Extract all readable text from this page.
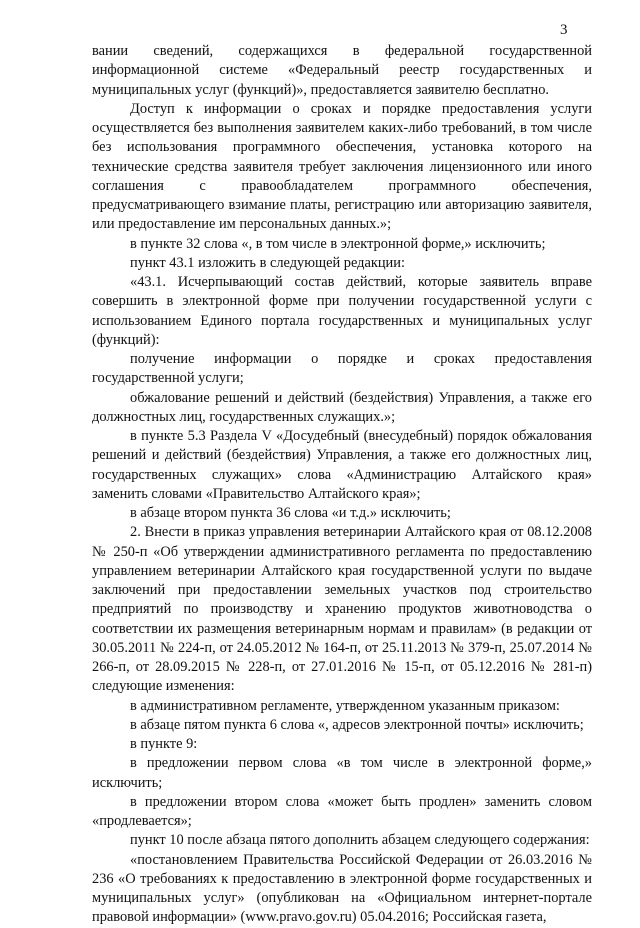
3

вании сведений, содержащихся в федеральной государственной информационной системе «Федеральный реестр государственных и муниципальных услуг (функций)», предоставляется заявителю бесплатно.

Доступ к информации о сроках и порядке предоставления услуги осуществляется без выполнения заявителем каких-либо требований, в том числе без использования программного обеспечения, установка которого на технические средства заявителя требует заключения лицензионного или иного соглашения с правообладателем программного обеспечения, предусматривающего взимание платы, регистрацию или авторизацию заявителя, или предоставление им персональных данных.»;

в пункте 32 слова «, в том числе в электронной форме,» исключить;

пункт 43.1 изложить в следующей редакции:

«43.1. Исчерпывающий состав действий, которые заявитель вправе совершить в электронной форме при получении государственной услуги с использованием Единого портала государственных и муниципальных услуг (функций):

получение информации о порядке и сроках предоставления государственной услуги;

обжалование решений и действий (бездействия) Управления, а также его должностных лиц, государственных служащих.»;

в пункте 5.3 Раздела V «Досудебный (внесудебный) порядок обжалования решений и действий (бездействия) Управления, а также его должностных лиц, государственных служащих» слова «Администрацию Алтайского края» заменить словами «Правительство Алтайского края»;

в абзаце втором пункта 36 слова «и т.д.» исключить;

2. Внести в приказ управления ветеринарии Алтайского края от 08.12.2008 № 250-п «Об утверждении административного регламента по предоставлению управлением ветеринарии Алтайского края государственной услуги по выдаче заключений при предоставлении земельных участков под строительство предприятий по производству и хранению продуктов животноводства о соответствии их размещения ветеринарным нормам и правилам» (в редакции от 30.05.2011 № 224-п, от 24.05.2012 № 164-п, от 25.11.2013 № 379-п, 25.07.2014 № 266-п, от 28.09.2015 № 228-п, от 27.01.2016 № 15-п, от 05.12.2016 № 281-п) следующие изменения:

в административном регламенте, утвержденном указанным приказом:

в абзаце пятом пункта 6 слова «, адресов электронной почты» исключить;

в пункте 9:

в предложении первом слова «в том числе в электронной форме,» исключить;

в предложении втором слова «может быть продлен» заменить словом «продлевается»;

пункт 10 после абзаца пятого дополнить абзацем следующего содержания:

«постановлением Правительства Российской Федерации от 26.03.2016 № 236 «О требованиях к предоставлению в электронной форме государственных и муниципальных услуг» (опубликован на «Официальном интернет-портале правовой информации» (www.pravo.gov.ru) 05.04.2016; Российская газета,
